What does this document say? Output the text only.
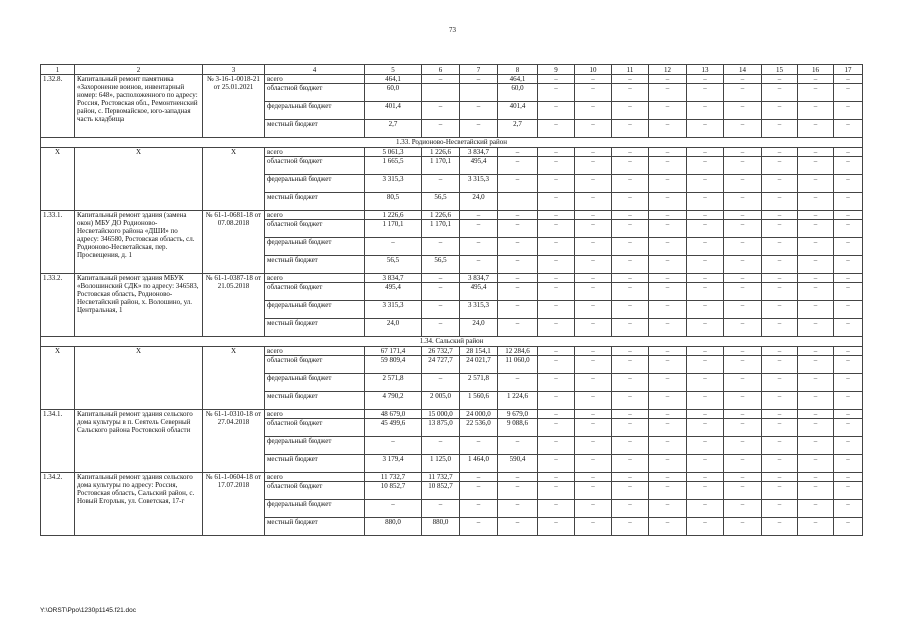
73
1	2	3	4	5	6	7	8	9	10	11	12	13	14	15	16	17
1.32.8.	Капитальный ремонт памятника «Захоронение воинов, инвентарный номер: 648», расположенного по адресу: Россия, Ростовская обл., Ремонтненский район, с. Первомайское, юго-западная часть кладбища	№ 3-16-1-0018-21 от 25.01.2021	всего	464,1	–	–	464,1	–	–	–	–	–	–	–	–	–
			областной бюджет	60,0			60,0	–	–	–	–	–	–	–	–	–
			федеральный бюджет	401,4	–	–	401,4	–	–	–	–	–	–	–	–	–
			местный бюджет	2,7	–	–	2,7	–	–	–	–	–	–	–	–	–
1.33. Родионово-Несветайский район																
Х	Х	Х	всего	5 061,3	1 226,6	3 834,7	–	–	–	–	–	–	–	–	–	–
			областной бюджет	1 665,5	1 170,1	495,4	–	–	–	–	–	–	–	–	–	–
			федеральный бюджет	3 315,3	–	3 315,3	–	–	–	–	–	–	–	–	–	–
			местный бюджет	80,5	56,5	24,0		–	–	–	–	–	–	–	–	–
1.33.1.	Капитальный ремонт здания (замена окон) МБУ ДО Родионово-Несветайского района «ДШИ» по адресу: 346580, Ростовская область, сл. Родионово-Несветайская, пер. Просвещения, д. 1	№ 61-1-0681-18 от 07.08.2018	всего	1 226,6	1 226,6	–	–	–	–	–	–	–	–	–	–	–
			областной бюджет	1 170,1	1 170,1	–	–	–	–	–	–	–	–	–	–	–
			федеральный бюджет	–	–	–	–	–	–	–	–	–	–	–	–	–
			местный бюджет	56,5	56,5	–	–	–	–	–	–	–	–	–	–	–
1.33.2.	Капитальный ремонт здания МБУК «Волошинский СДК» по адресу: 346583, Ростовская область, Родионово-Несветайский район, х. Волошино, ул. Центральная, 1	№ 61-1-0387-18 от 21.05.2018	всего	3 834,7	–	3 834,7	–	–	–	–	–	–	–	–	–	–
			областной бюджет	495,4	–	495,4	–	–	–	–	–	–	–	–	–	–
			федеральный бюджет	3 315,3	–	3 315,3	–	–	–	–	–	–	–	–	–	–
			местный бюджет	24,0	–	24,0	–	–	–	–	–	–	–	–	–	–
1.34. Сальский район																
Х	Х	Х	всего	67 171,4	26 732,7	28 154,1	12 284,6	–	–	–	–	–	–	–	–	–
			областной бюджет	59 809,4	24 727,7	24 021,7	11 060,0	–	–	–	–	–	–	–	–	–
			федеральный бюджет	2 571,8	–	2 571,8	–	–	–	–	–	–	–	–	–	–
			местный бюджет	4 790,2	2 005,0	1 560,6	1 224,6	–	–	–	–	–	–	–	–	–
1.34.1.	Капитальный ремонт здания сельского дома культуры в п. Сеятель Северный Сальского района Ростовской области	№ 61-1-0310-18 от 27.04.2018	всего	48 679,0	15 000,0	24 000,0	9 679,0	–	–	–	–	–	–	–	–	–
			областной бюджет	45 499,6	13 875,0	22 536,0	9 088,6	–	–	–	–	–	–	–	–	–
			федеральный бюджет	–	–	–	–	–	–	–	–	–	–	–	–	–
			местный бюджет	3 179,4	1 125,0	1 464,0	590,4	–	–	–	–	–	–	–	–	–
1.34.2.	Капитальный ремонт здания сельского дома культуры по адресу: Россия, Ростовская область, Сальский район, с. Новый Егорлык, ул. Советская, 17-г	№ 61-1-0604-18 от 17.07.2018	всего	11 732,7	11 732,7	–	–	–	–	–	–	–	–	–	–	–
			областной бюджет	10 852,7	10 852,7	–	–	–	–	–	–	–	–	–	–	–
			федеральный бюджет	–	–	–	–	–	–	–	–	–	–	–	–	–
			местный бюджет	880,0	880,0	–	–	–	–	–	–	–	–	–	–	–
Y:\ORST\Ppo\1230p1145.f21.doc
